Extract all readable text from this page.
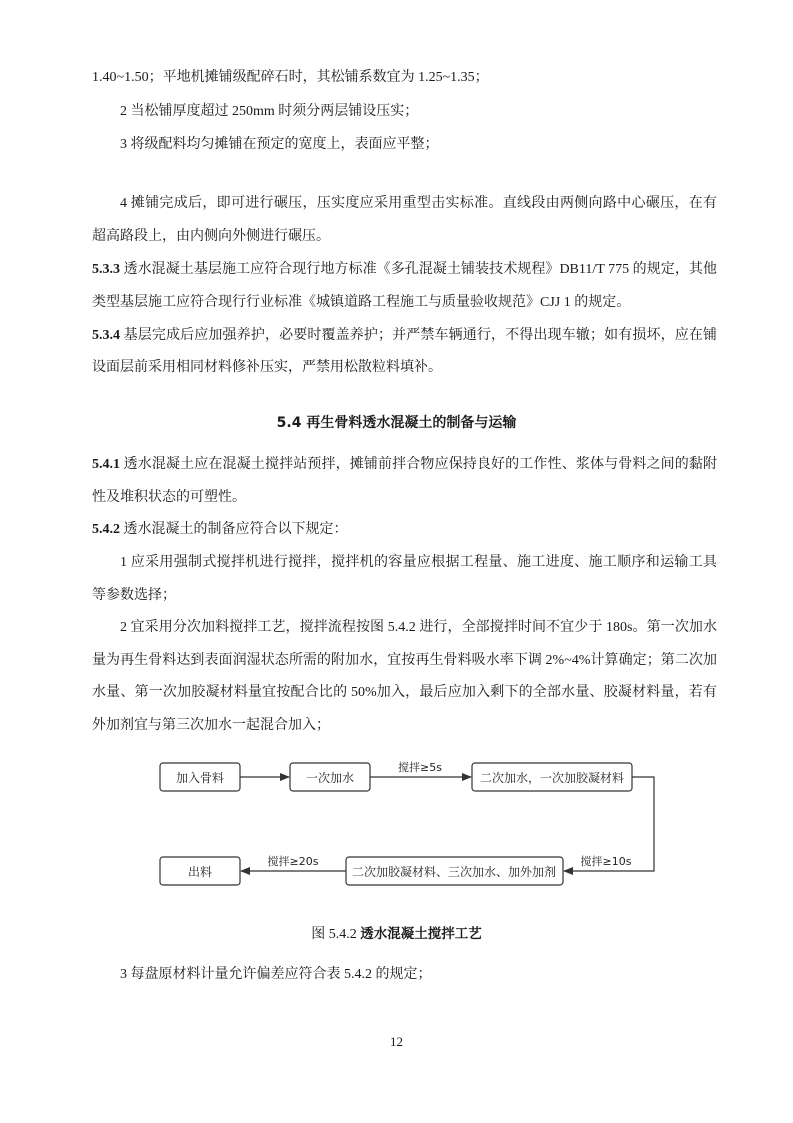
1.40~1.50；平地机摊铺级配碎石时，其松铺系数宜为 1.25~1.35；
2 当松铺厚度超过 250mm 时须分两层铺设压实；
3 将级配料均匀摊铺在预定的宽度上，表面应平整；
4 摊铺完成后，即可进行碾压，压实度应采用重型击实标准。直线段由两侧向路中心碾压，在有
超高路段上，由内侧向外侧进行碾压。
5.3.3 透水混凝土基层施工应符合现行地方标准《多孔混凝土铺装技术规程》DB11/T 775 的规定，其他
类型基层施工应符合现行行业标准《城镇道路工程施工与质量验收规范》CJJ 1 的规定。
5.3.4 基层完成后应加强养护，必要时覆盖养护；并严禁车辆通行，不得出现车辙；如有损坏，应在铺
设面层前采用相同材料修补压实，严禁用松散粒料填补。
5.4 再生骨料透水混凝土的制备与运输
5.4.1 透水混凝土应在混凝土搅拌站预拌，摊铺前拌合物应保持良好的工作性、浆体与骨料之间的黏附
性及堆积状态的可塑性。
5.4.2 透水混凝土的制备应符合以下规定：
1 应采用强制式搅拌机进行搅拌，搅拌机的容量应根据工程量、施工进度、施工顺序和运输工具
等参数选择；
2 宜采用分次加料搅拌工艺，搅拌流程按图 5.4.2 进行，全部搅拌时间不宜少于 180s。第一次加水
量为再生骨料达到表面润湿状态所需的附加水，宜按再生骨料吸水率下调 2%~4%计算确定；第二次加
水量、第一次加胶凝材料量宜按配合比的 50%加入，最后应加入剩下的全部水量、胶凝材料量，若有
外加剂宜与第三次加水一起混合加入；
加入骨料	一次加水	二次加水，一次加胶凝材料
二次加胶凝材料、三次加水、加外加剂
出料
搅拌≥5s
搅拌≥10s
搅拌≥20s
图 5.4.2 透水混凝土搅拌工艺
3 每盘原材料计量允许偏差应符合表 5.4.2 的规定；
12
